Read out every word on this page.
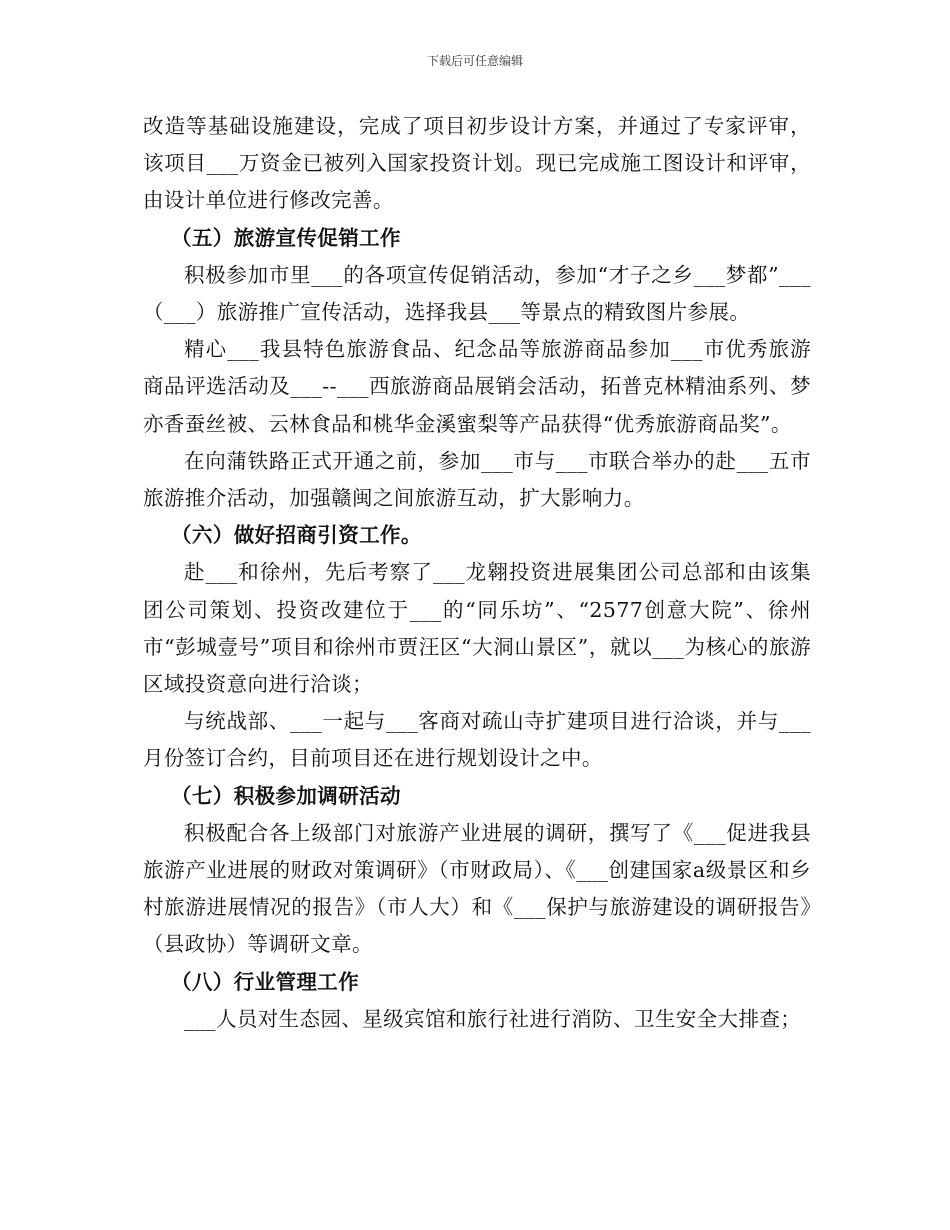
下载后可任意编辑

改造等基础设施建设，完成了项目初步设计方案，并通过了专家评审，该项目___万资金已被列入国家投资计划。现已完成施工图设计和评审，由设计单位进行修改完善。

（五）旅游宣传促销工作

积极参加市里___的各项宣传促销活动，参加“才子之乡___梦都”___（___）旅游推广宣传活动，选择我县___等景点的精致图片参展。

精心___我县特色旅游食品、纪念品等旅游商品参加___市优秀旅游商品评选活动及___--___西旅游商品展销会活动，拓普克林精油系列、梦亦香蚕丝被、云林食品和桃华金溪蜜梨等产品获得“优秀旅游商品奖”。

在向蒲铁路正式开通之前，参加___市与___市联合举办的赴___五市旅游推介活动，加强赣闽之间旅游互动，扩大影响力。

（六）做好招商引资工作。

赴___和徐州，先后考察了___龙翱投资进展集团公司总部和由该集团公司策划、投资改建位于___的“同乐坊”、“2577创意大院”、徐州市“彭城壹号”项目和徐州市贾汪区“大洞山景区”，就以___为核心的旅游区域投资意向进行洽谈；

与统战部、___一起与___客商对疏山寺扩建项目进行洽谈，并与___月份签订合约，目前项目还在进行规划设计之中。

（七）积极参加调研活动

积极配合各上级部门对旅游产业进展的调研，撰写了《___促进我县旅游产业进展的财政对策调研》（市财政局）、《___创建国家a级景区和乡村旅游进展情况的报告》（市人大）和《___保护与旅游建设的调研报告》（县政协）等调研文章。

（八）行业管理工作

___人员对生态园、星级宾馆和旅行社进行消防、卫生安全大排查；
